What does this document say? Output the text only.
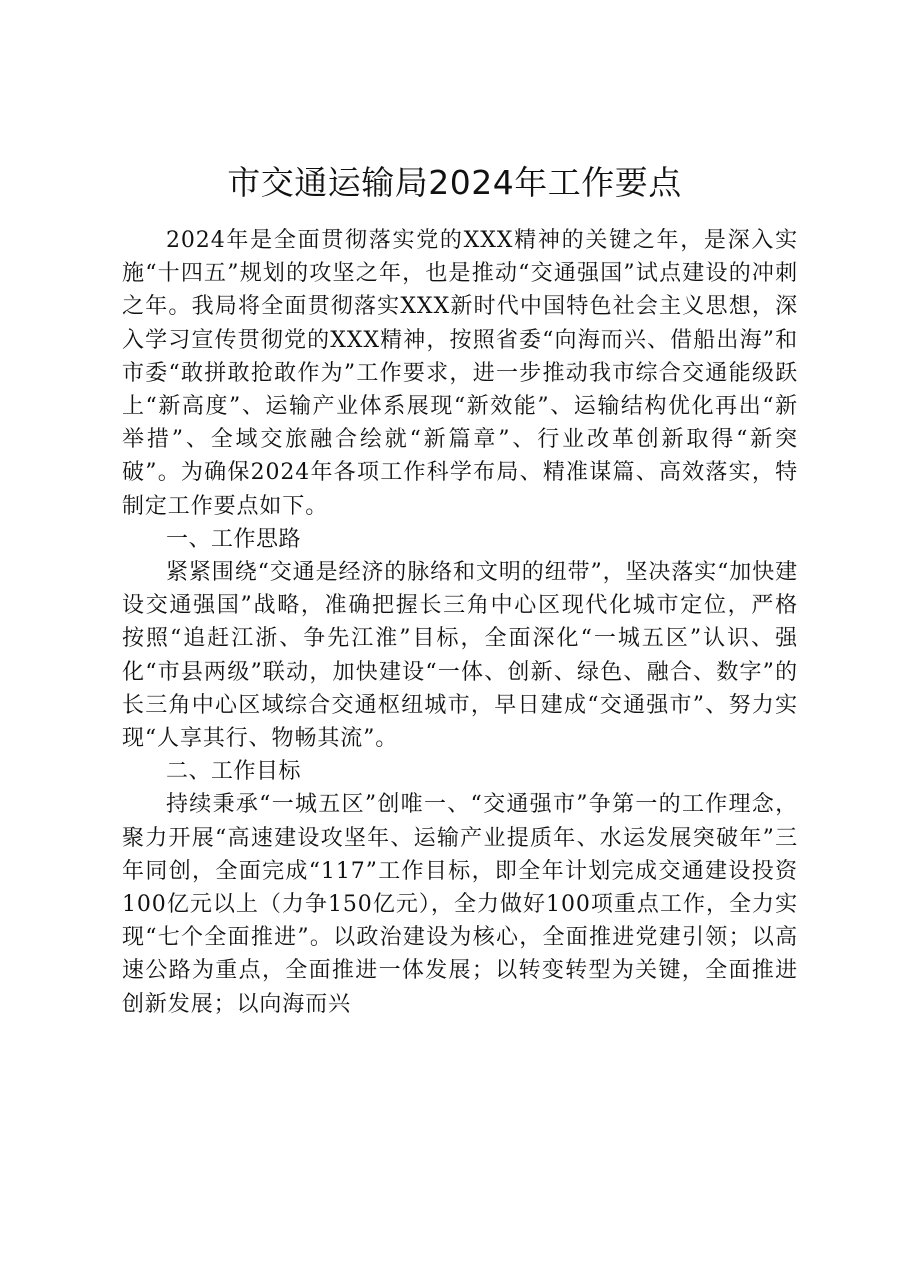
市交通运输局2024年工作要点

2024年是全面贯彻落实党的XXX精神的关键之年，是深入实施“十四五”规划的攻坚之年，也是推动“交通强国”试点建设的冲刺之年。我局将全面贯彻落实XXX新时代中国特色社会主义思想，深入学习宣传贯彻党的XXX精神，按照省委“向海而兴、借船出海”和市委“敢拼敢抢敢作为”工作要求，进一步推动我市综合交通能级跃上“新高度”、运输产业体系展现“新效能”、运输结构优化再出“新举措”、全域交旅融合绘就“新篇章”、行业改革创新取得“新突破”。为确保2024年各项工作科学布局、精准谋篇、高效落实，特制定工作要点如下。

一、工作思路

紧紧围绕“交通是经济的脉络和文明的纽带”，坚决落实“加快建设交通强国”战略，准确把握长三角中心区现代化城市定位，严格按照“追赶江浙、争先江淮”目标，全面深化“一城五区”认识、强化“市县两级”联动，加快建设“一体、创新、绿色、融合、数字”的长三角中心区域综合交通枢纽城市，早日建成“交通强市”、努力实现“人享其行、物畅其流”。

二、工作目标

持续秉承“一城五区”创唯一、“交通强市”争第一的工作理念，聚力开展“高速建设攻坚年、运输产业提质年、水运发展突破年”三年同创，全面完成“117”工作目标，即全年计划完成交通建设投资100亿元以上（力争150亿元），全力做好100项重点工作，全力实现“七个全面推进”。以政治建设为核心，全面推进党建引领；以高速公路为重点，全面推进一体发展；以转变转型为关键，全面推进创新发展；以向海而兴
